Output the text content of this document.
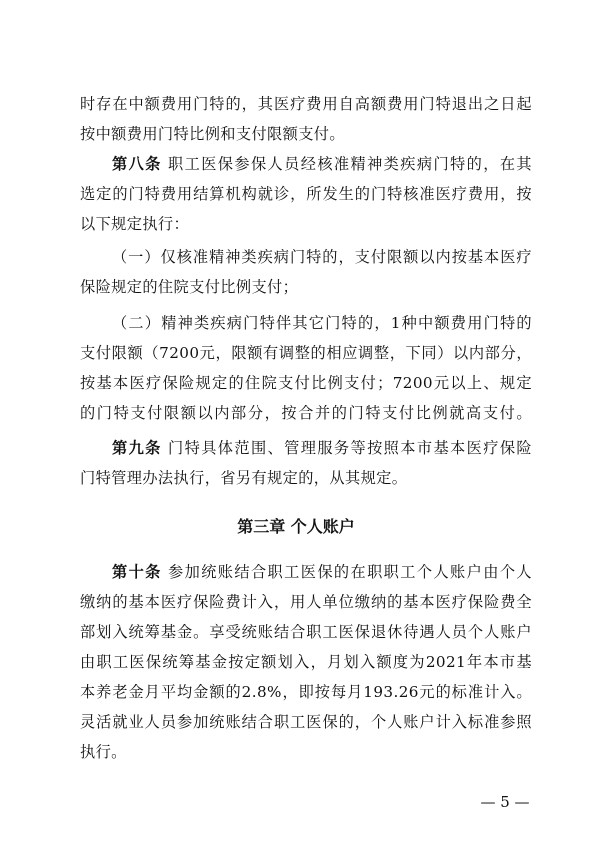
时存在中额费用门特的，其医疗费用自高额费用门特退出之日起
按中额费用门特比例和支付限额支付。
第八条 职工医保参保人员经核准精神类疾病门特的，在其
选定的门特费用结算机构就诊，所发生的门特核准医疗费用，按
以下规定执行：
（一）仅核准精神类疾病门特的，支付限额以内按基本医疗
保险规定的住院支付比例支付；
（二）精神类疾病门特伴其它门特的，1种中额费用门特的
支付限额（7200元，限额有调整的相应调整，下同）以内部分，
按基本医疗保险规定的住院支付比例支付；7200元以上、规定
的门特支付限额以内部分，按合并的门特支付比例就高支付。
第九条 门特具体范围、管理服务等按照本市基本医疗保险
门特管理办法执行，省另有规定的，从其规定。
第三章 个人账户
第十条 参加统账结合职工医保的在职职工个人账户由个人
缴纳的基本医疗保险费计入，用人单位缴纳的基本医疗保险费全
部划入统筹基金。享受统账结合职工医保退休待遇人员个人账户
由职工医保统筹基金按定额划入，月划入额度为2021年本市基
本养老金月平均金额的2.8%，即按每月193.26元的标准计入。
灵活就业人员参加统账结合职工医保的，个人账户计入标准参照
执行。
— 5 —
